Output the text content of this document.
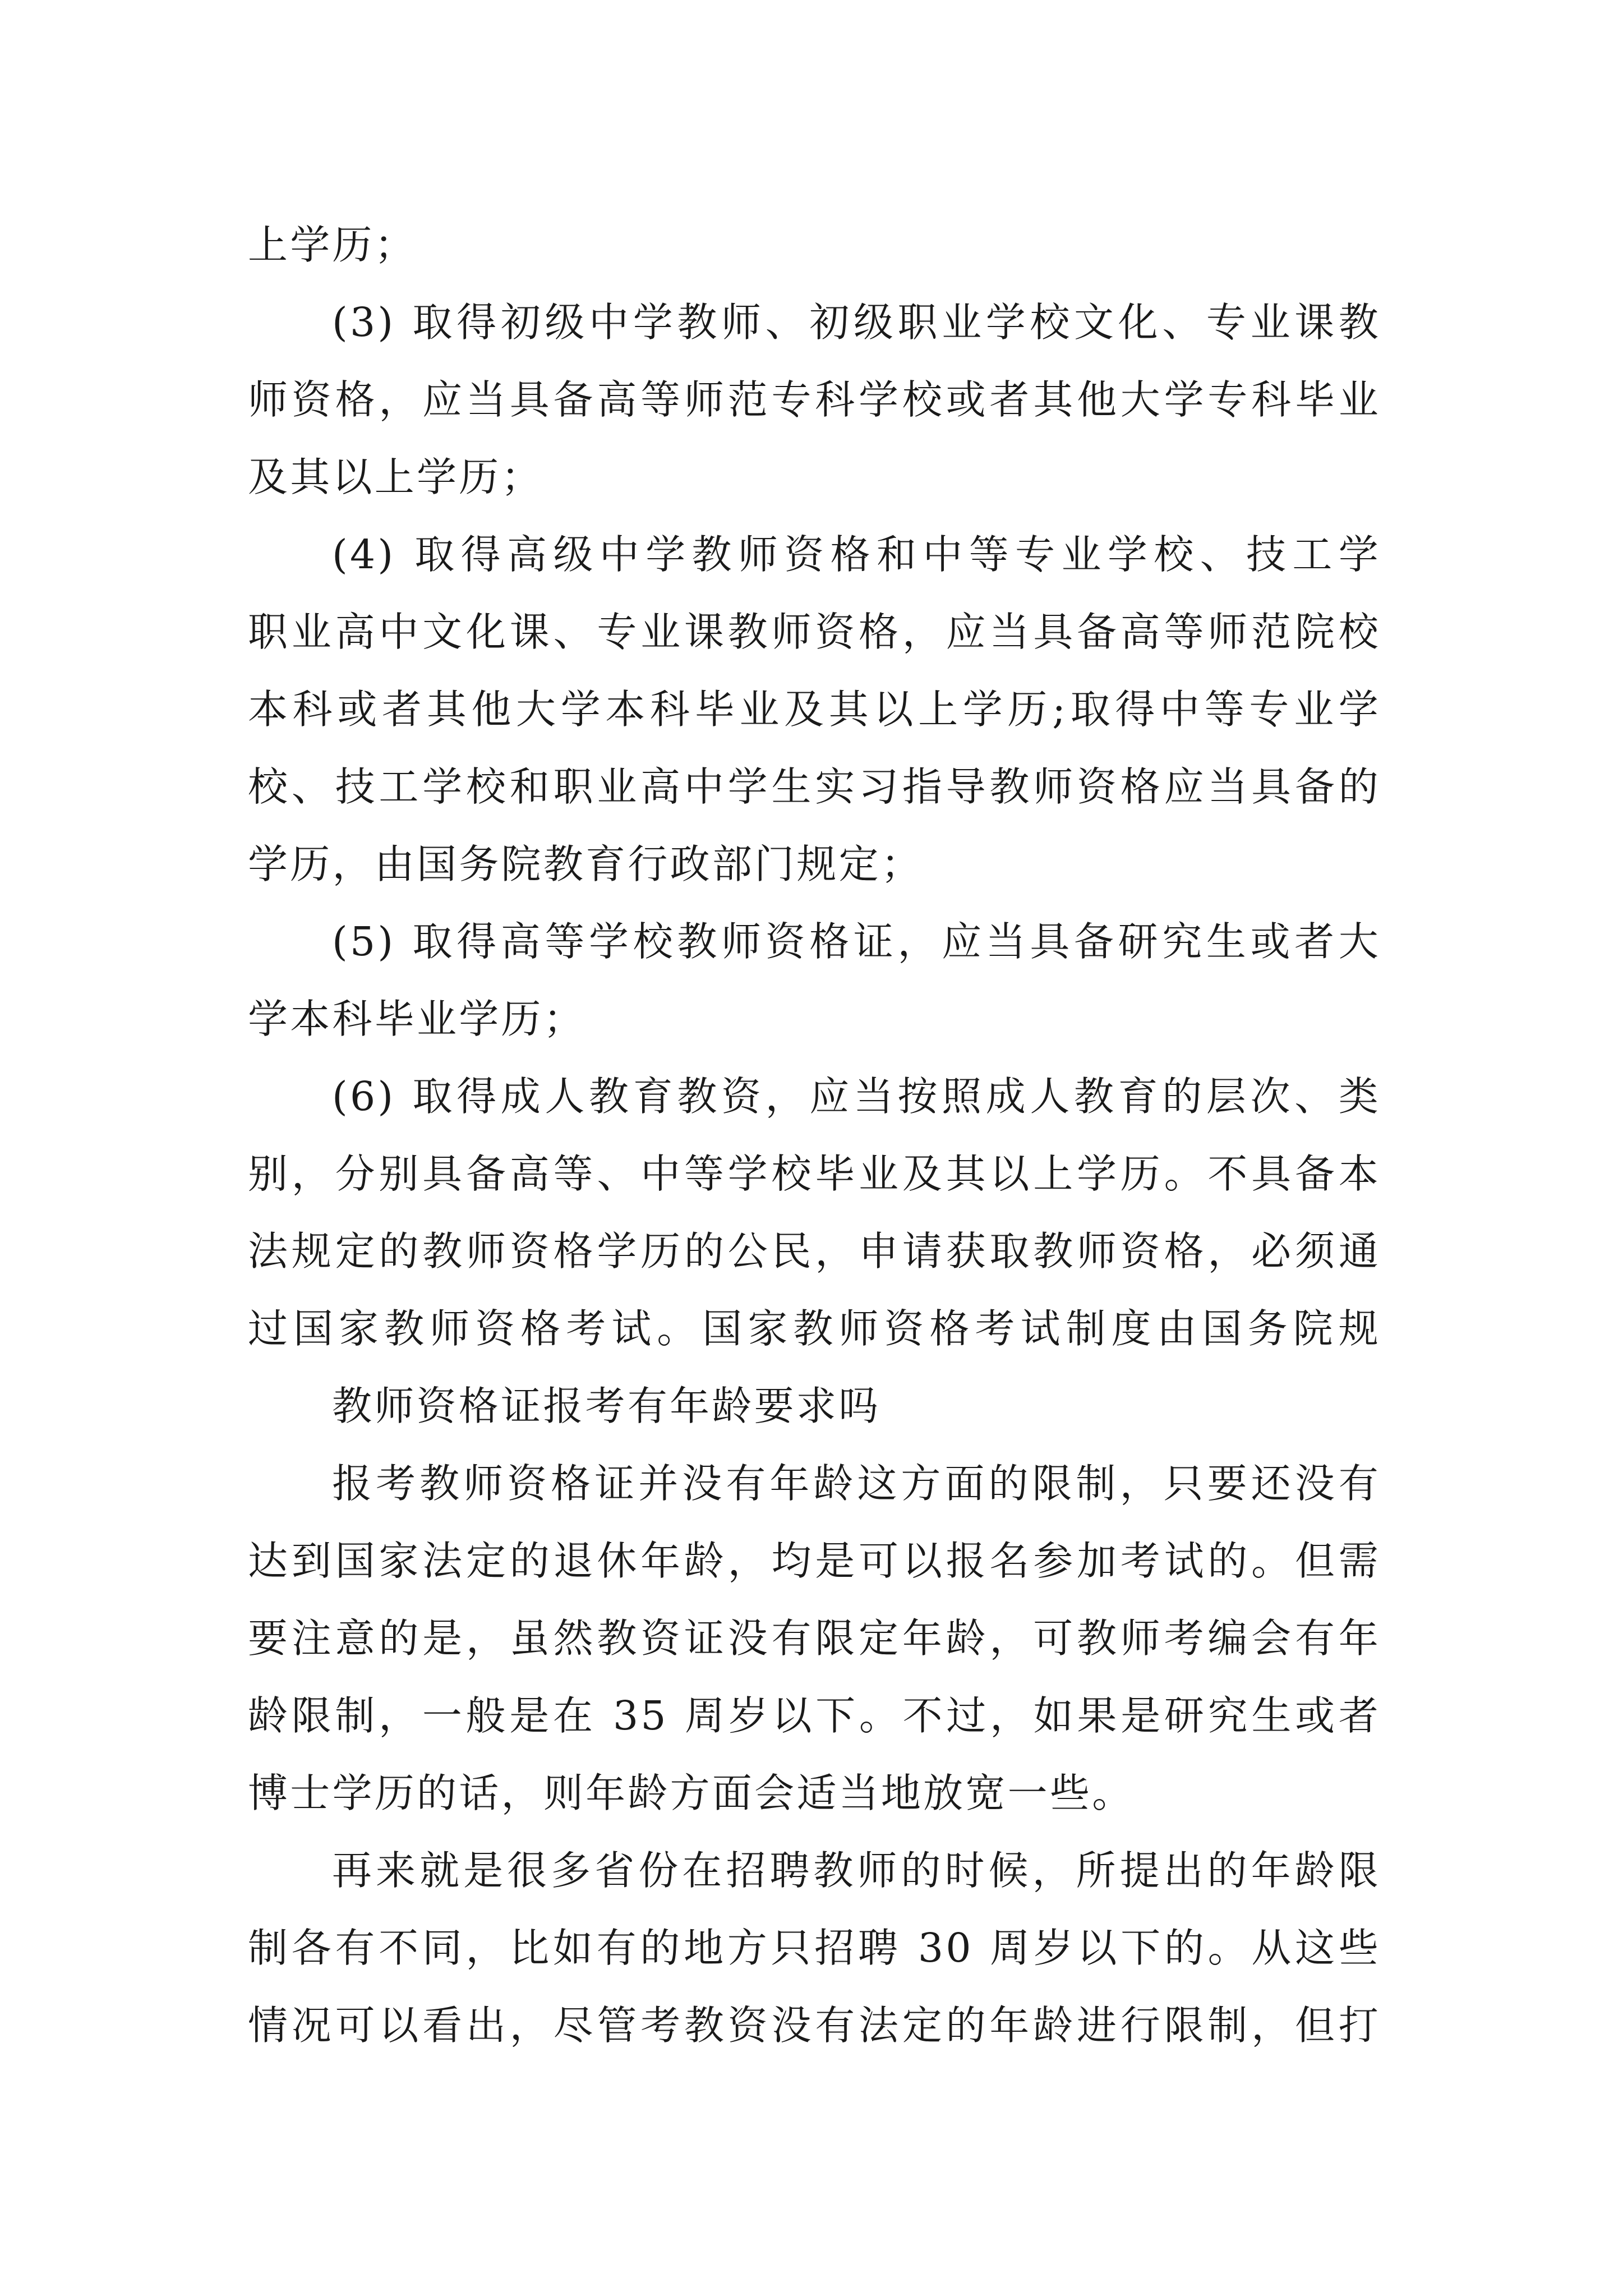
上学历；
(3) 取得初级中学教师、初级职业学校文化、专业课教
师资格，应当具备高等师范专科学校或者其他大学专科毕业
及其以上学历；
(4) 取得高级中学教师资格和中等专业学校、技工学
职业高中文化课、专业课教师资格，应当具备高等师范院校
本科或者其他大学本科毕业及其以上学历;取得中等专业学
校、技工学校和职业高中学生实习指导教师资格应当具备的
学历，由国务院教育行政部门规定；
(5) 取得高等学校教师资格证，应当具备研究生或者大
学本科毕业学历；
(6) 取得成人教育教资，应当按照成人教育的层次、类
别，分别具备高等、中等学校毕业及其以上学历。不具备本
法规定的教师资格学历的公民，申请获取教师资格，必须通
过国家教师资格考试。国家教师资格考试制度由国务院规
教师资格证报考有年龄要求吗
报考教师资格证并没有年龄这方面的限制，只要还没有
达到国家法定的退休年龄，均是可以报名参加考试的。但需
要注意的是，虽然教资证没有限定年龄，可教师考编会有年
龄限制，一般是在 35 周岁以下。不过，如果是研究生或者
博士学历的话，则年龄方面会适当地放宽一些。
再来就是很多省份在招聘教师的时候，所提出的年龄限
制各有不同，比如有的地方只招聘 30 周岁以下的。从这些
情况可以看出，尽管考教资没有法定的年龄进行限制，但打
